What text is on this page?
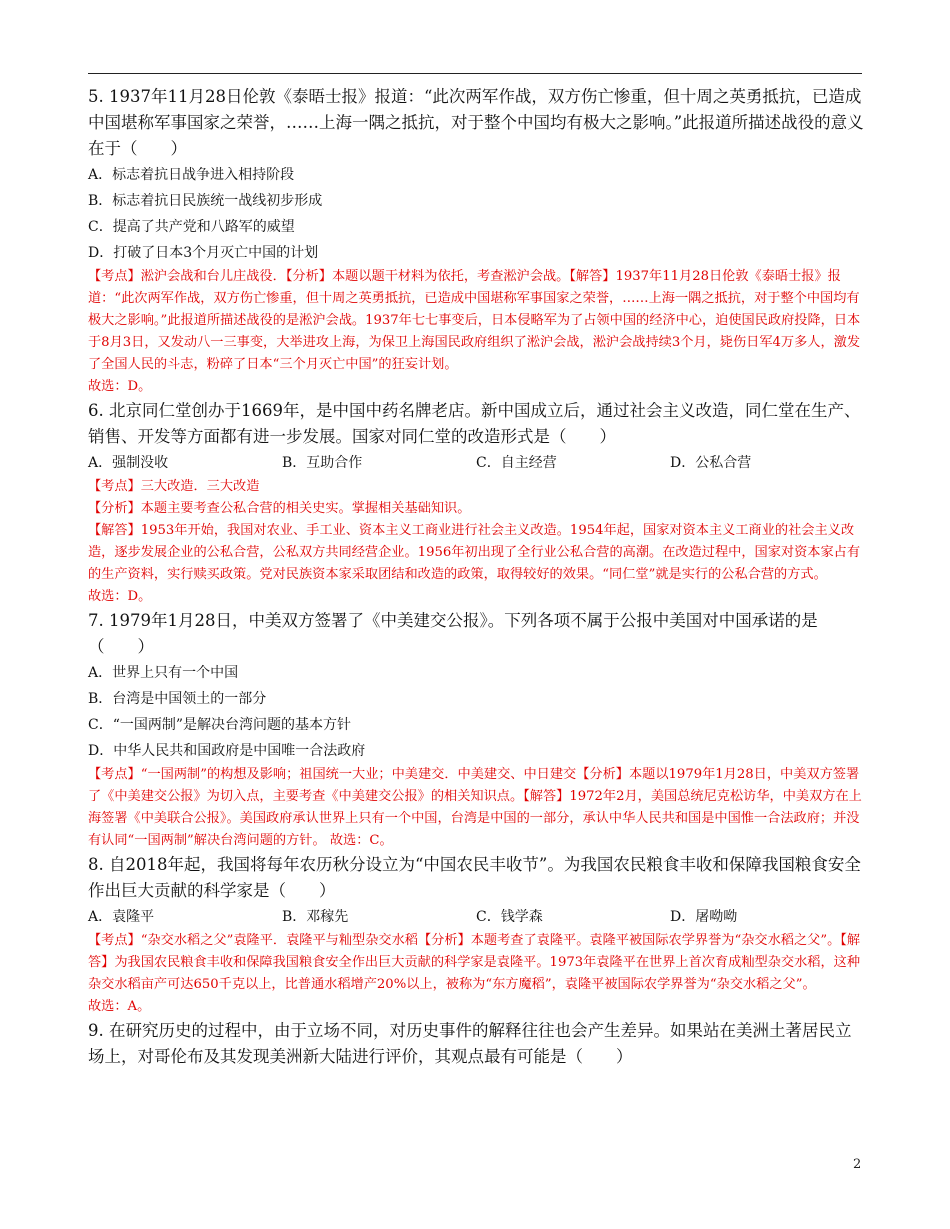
5. 1937年11月28日伦敦《泰晤士报》报道：“此次两军作战，双方伤亡惨重，但十周之英勇抵抗，已造成中国堪称军事国家之荣誉，……上海一隅之抵抗，对于整个中国均有极大之影响。”此报道所描述战役的意义在于（　　）

A．标志着抗日战争进入相持阶段

B．标志着抗日民族统一战线初步形成

C．提高了共产党和八路军的威望

D．打破了日本3个月灭亡中国的计划

【考点】淞沪会战和台儿庄战役．【分析】本题以题干材料为依托，考查淞沪会战。【解答】1937年11月28日伦敦《泰晤士报》报道：“此次两军作战，双方伤亡惨重，但十周之英勇抵抗，已造成中国堪称军事国家之荣誉，……上海一隅之抵抗，对于整个中国均有极大之影响。”此报道所描述战役的是淞沪会战。1937年七七事变后，日本侵略军为了占领中国的经济中心，迫使国民政府投降，日本于8月3日，又发动八一三事变，大举进攻上海，为保卫上海国民政府组织了淞沪会战，淞沪会战持续3个月，毙伤日军4万多人，激发了全国人民的斗志，粉碎了日本“三个月灭亡中国”的狂妄计划。

故选：D。

6. 北京同仁堂创办于1669年，是中国中药名牌老店。新中国成立后，通过社会主义改造，同仁堂在生产、销售、开发等方面都有进一步发展。国家对同仁堂的改造形式是（　　）

A．强制没收	B．互助合作	C．自主经营	D．公私合营

【考点】三大改造．三大改造

【分析】本题主要考查公私合营的相关史实。掌握相关基础知识。

【解答】1953年开始，我国对农业、手工业、资本主义工商业进行社会主义改造。1954年起，国家对资本主义工商业的社会主义改造，逐步发展企业的公私合营，公私双方共同经营企业。1956年初出现了全行业公私合营的高潮。在改造过程中，国家对资本家占有的生产资料，实行赎买政策。党对民族资本家采取团结和改造的政策，取得较好的效果。“同仁堂”就是实行的公私合营的方式。

故选：D。

7. 1979年1月28日，中美双方签署了《中美建交公报》。下列各项不属于公报中美国对中国承诺的是（　　）

A．世界上只有一个中国

B．台湾是中国领土的一部分

C．“一国两制”是解决台湾问题的基本方针

D．中华人民共和国政府是中国唯一合法政府

【考点】“一国两制”的构想及影响；祖国统一大业；中美建交．中美建交、中日建交【分析】本题以1979年1月28日，中美双方签署了《中美建交公报》为切入点，主要考查《中美建交公报》的相关知识点。【解答】1972年2月，美国总统尼克松访华，中美双方在上海签署《中美联合公报》。美国政府承认世界上只有一个中国，台湾是中国的一部分，承认中华人民共和国是中国惟一合法政府；并没有认同“一国两制”解决台湾问题的方针。 故选：C。

8. 自2018年起，我国将每年农历秋分设立为“中国农民丰收节”。为我国农民粮食丰收和保障我国粮食安全作出巨大贡献的科学家是（　　）

A．袁隆平	B．邓稼先	C．钱学森	D．屠呦呦

【考点】“杂交水稻之父”袁隆平．袁隆平与籼型杂交水稻【分析】本题考查了袁隆平。袁隆平被国际农学界誉为“杂交水稻之父”。【解答】为我国农民粮食丰收和保障我国粮食安全作出巨大贡献的科学家是袁隆平。1973年袁隆平在世界上首次育成籼型杂交水稻，这种杂交水稻亩产可达650千克以上，比普通水稻增产20%以上，被称为“东方魔稻”，袁隆平被国际农学界誉为“杂交水稻之父”。

故选：A。

9. 在研究历史的过程中，由于立场不同，对历史事件的解释往往也会产生差异。如果站在美洲土著居民立场上，对哥伦布及其发现美洲新大陆进行评价，其观点最有可能是（　　）

2
